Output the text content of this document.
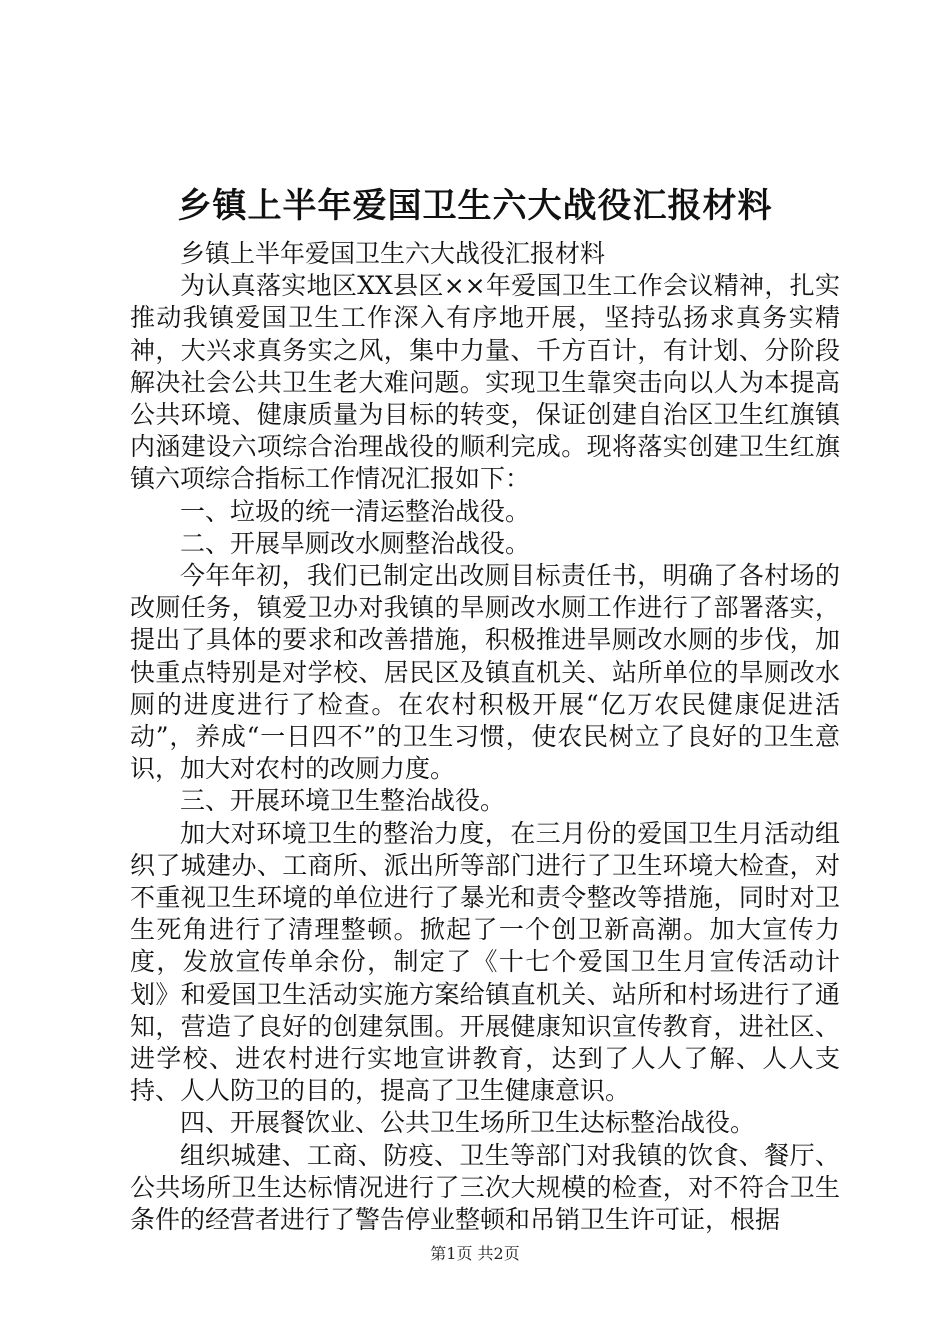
乡镇上半年爱国卫生六大战役汇报材料

乡镇上半年爱国卫生六大战役汇报材料

为认真落实地区XX县区××年爱国卫生工作会议精神，扎实推动我镇爱国卫生工作深入有序地开展，坚持弘扬求真务实精神，大兴求真务实之风，集中力量、千方百计，有计划、分阶段解决社会公共卫生老大难问题。实现卫生靠突击向以人为本提高公共环境、健康质量为目标的转变，保证创建自治区卫生红旗镇内涵建设六项综合治理战役的顺利完成。现将落实创建卫生红旗镇六项综合指标工作情况汇报如下：

一、垃圾的统一清运整治战役。

二、开展旱厕改水厕整治战役。

今年年初，我们已制定出改厕目标责任书，明确了各村场的改厕任务，镇爱卫办对我镇的旱厕改水厕工作进行了部署落实，提出了具体的要求和改善措施，积极推进旱厕改水厕的步伐，加快重点特别是对学校、居民区及镇直机关、站所单位的旱厕改水厕的进度进行了检查。在农村积极开展“亿万农民健康促进活动”，养成“一日四不”的卫生习惯，使农民树立了良好的卫生意识，加大对农村的改厕力度。

三、开展环境卫生整治战役。

加大对环境卫生的整治力度，在三月份的爱国卫生月活动组织了城建办、工商所、派出所等部门进行了卫生环境大检查，对不重视卫生环境的单位进行了暴光和责令整改等措施，同时对卫生死角进行了清理整顿。掀起了一个创卫新高潮。加大宣传力度，发放宣传单余份，制定了《十七个爱国卫生月宣传活动计划》和爱国卫生活动实施方案给镇直机关、站所和村场进行了通知，营造了良好的创建氛围。开展健康知识宣传教育，进社区、进学校、进农村进行实地宣讲教育，达到了人人了解、人人支持、人人防卫的目的，提高了卫生健康意识。

四、开展餐饮业、公共卫生场所卫生达标整治战役。

组织城建、工商、防疫、卫生等部门对我镇的饮食、餐厅、公共场所卫生达标情况进行了三次大规模的检查，对不符合卫生条件的经营者进行了警告停业整顿和吊销卫生许可证，根据

第1页 共2页
